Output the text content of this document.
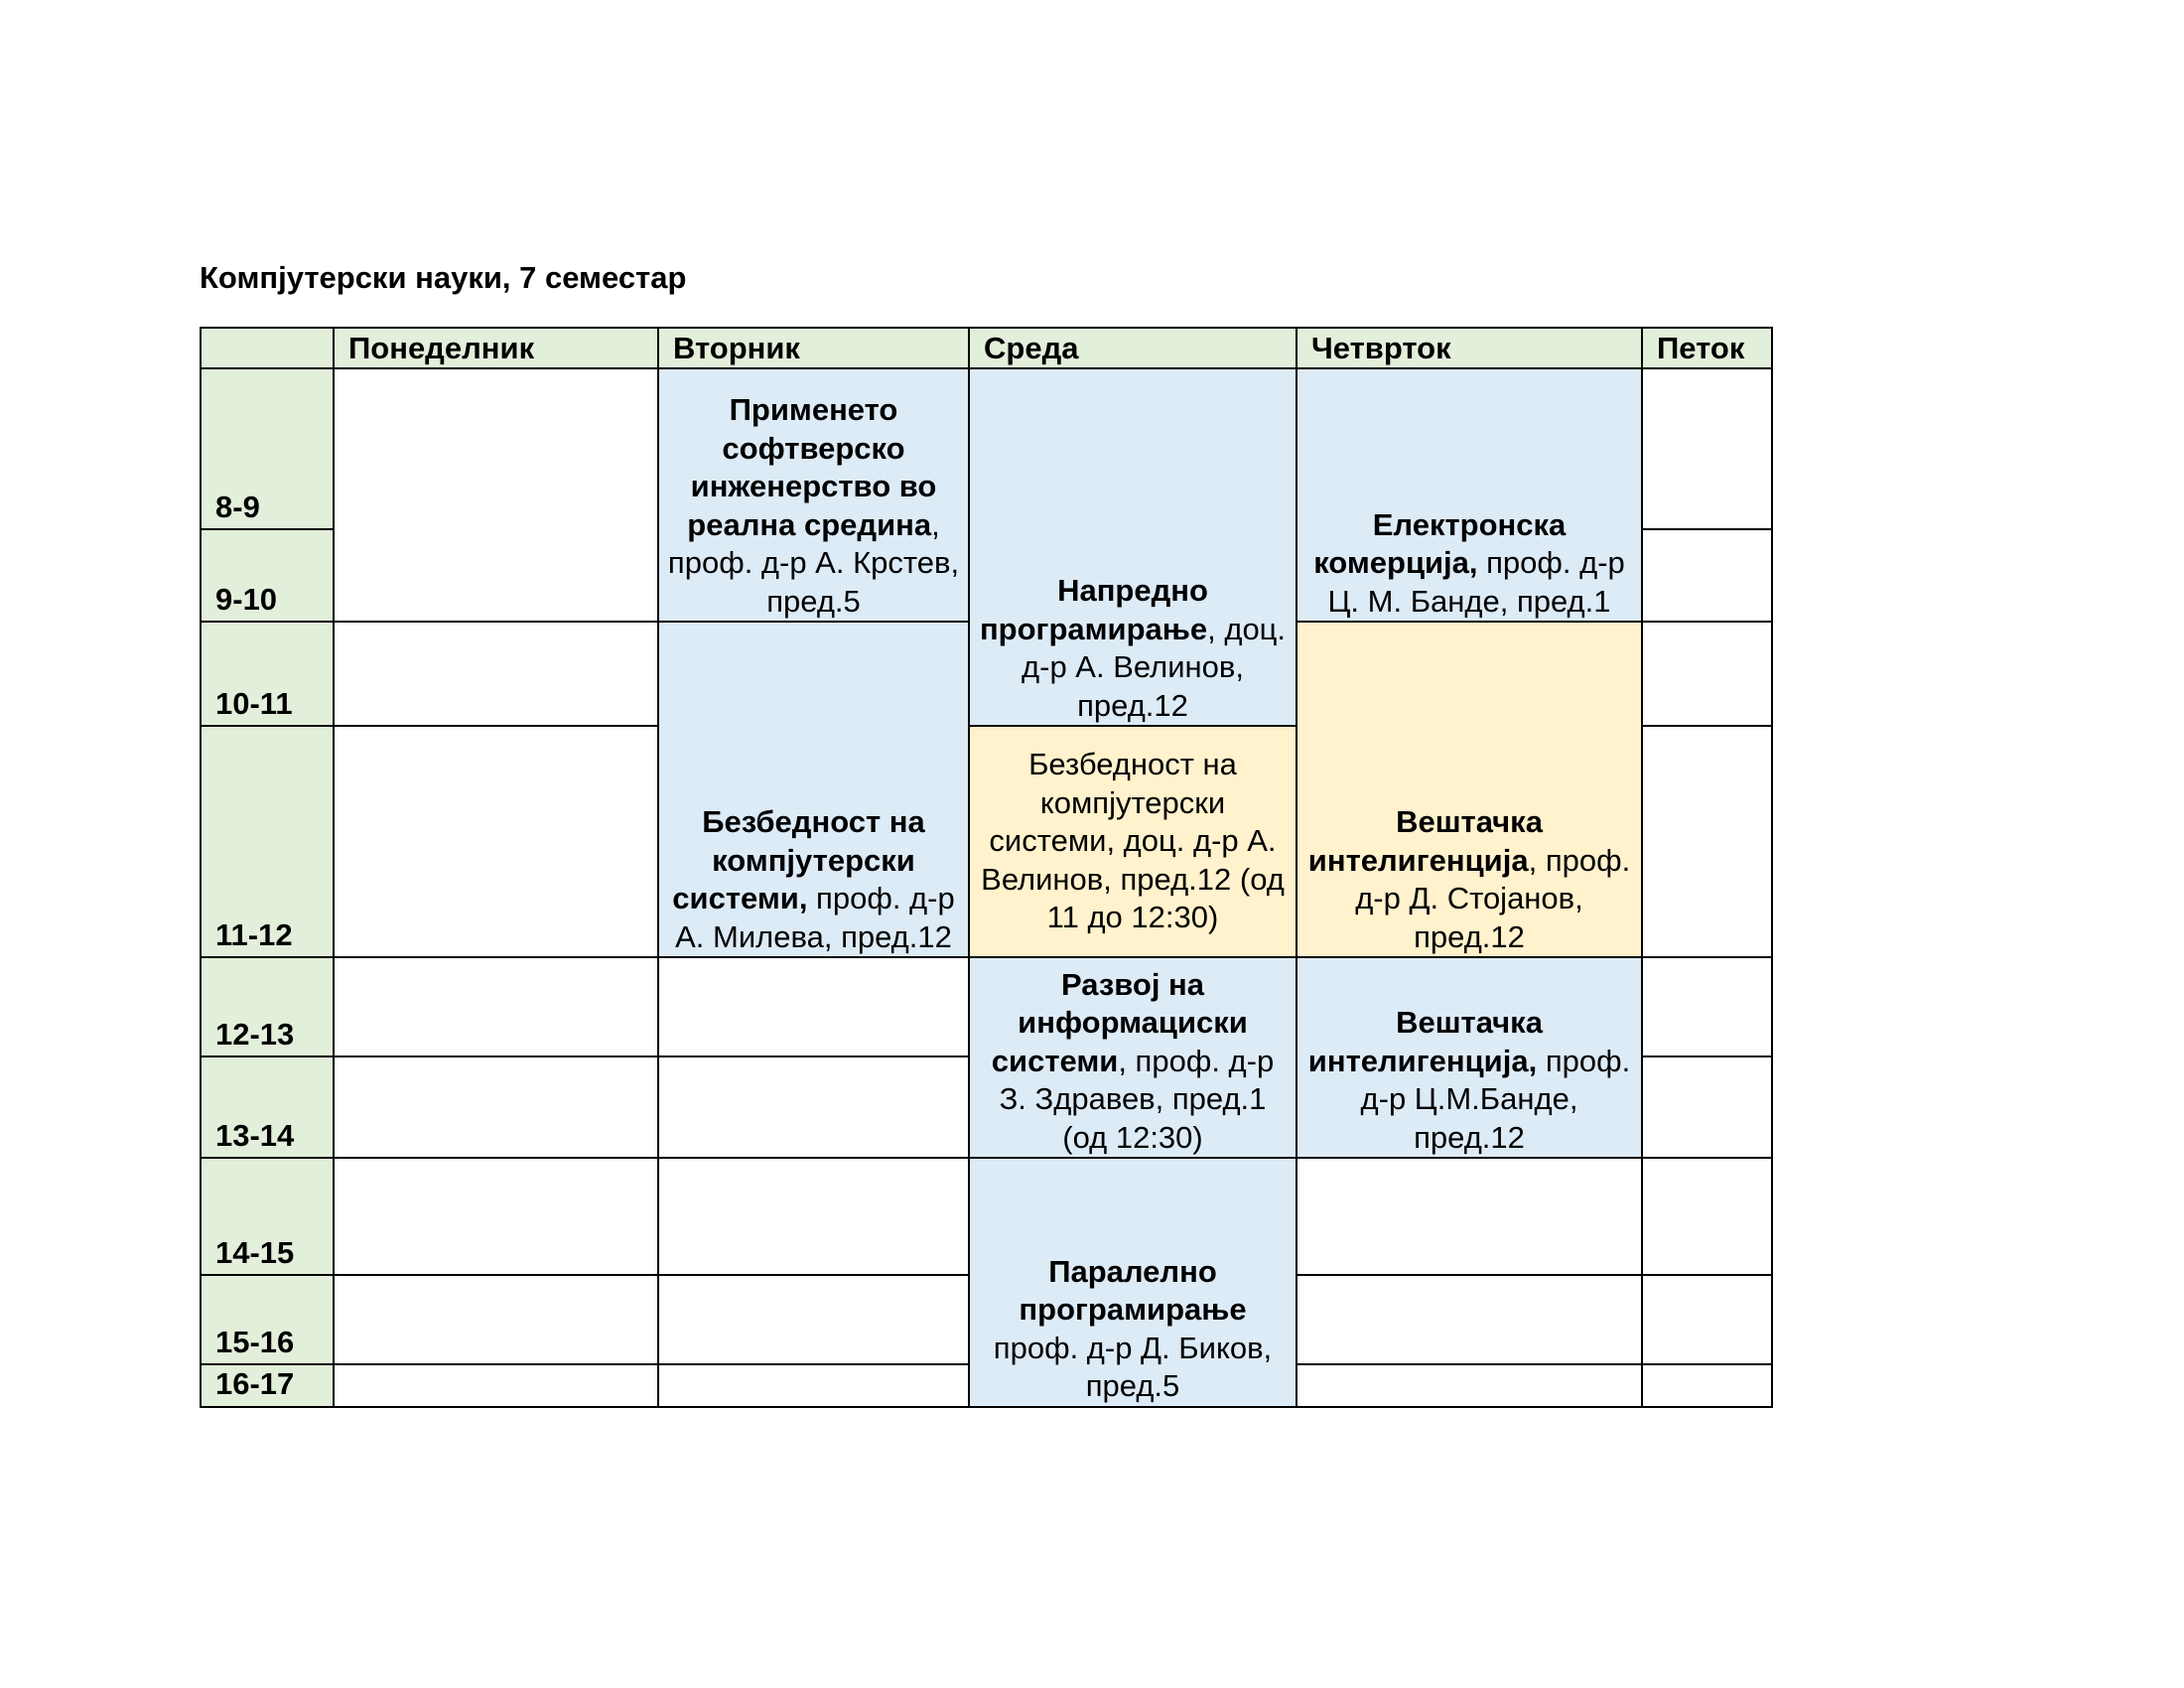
Компјутерски науки, 7 семестар
	Понеделник	Вторник	Среда	Четврток	Петок
8-9		Применето софтверско инженерство во реална средина, проф. д-р А. Крстев, пред.5	Напредно програмирање, доц. д-р А. Велинов, пред.12	Електронска комерција, проф. д-р Ц. М. Банде, пред.1	
9-10					
10-11		Безбедност на компјутерски системи, проф. д-р А. Милева, пред.12		Вештачка интелигенција, проф. д-р Д. Стојанов, пред.12	
11-12			Безбедност на компјутерски системи, доц. д-р А. Велинов, пред.12 (од 11 до 12:30)		
12-13			Развој на информациски системи, проф. д-р З. Здравев, пред.1 (од 12:30)	Вештачка интелигенција, проф. д-р Ц.М.Банде, пред.12	
13-14					
14-15			Паралелно програмирање проф. д-р Д. Биков, пред.5		
15-16					
16-17					
